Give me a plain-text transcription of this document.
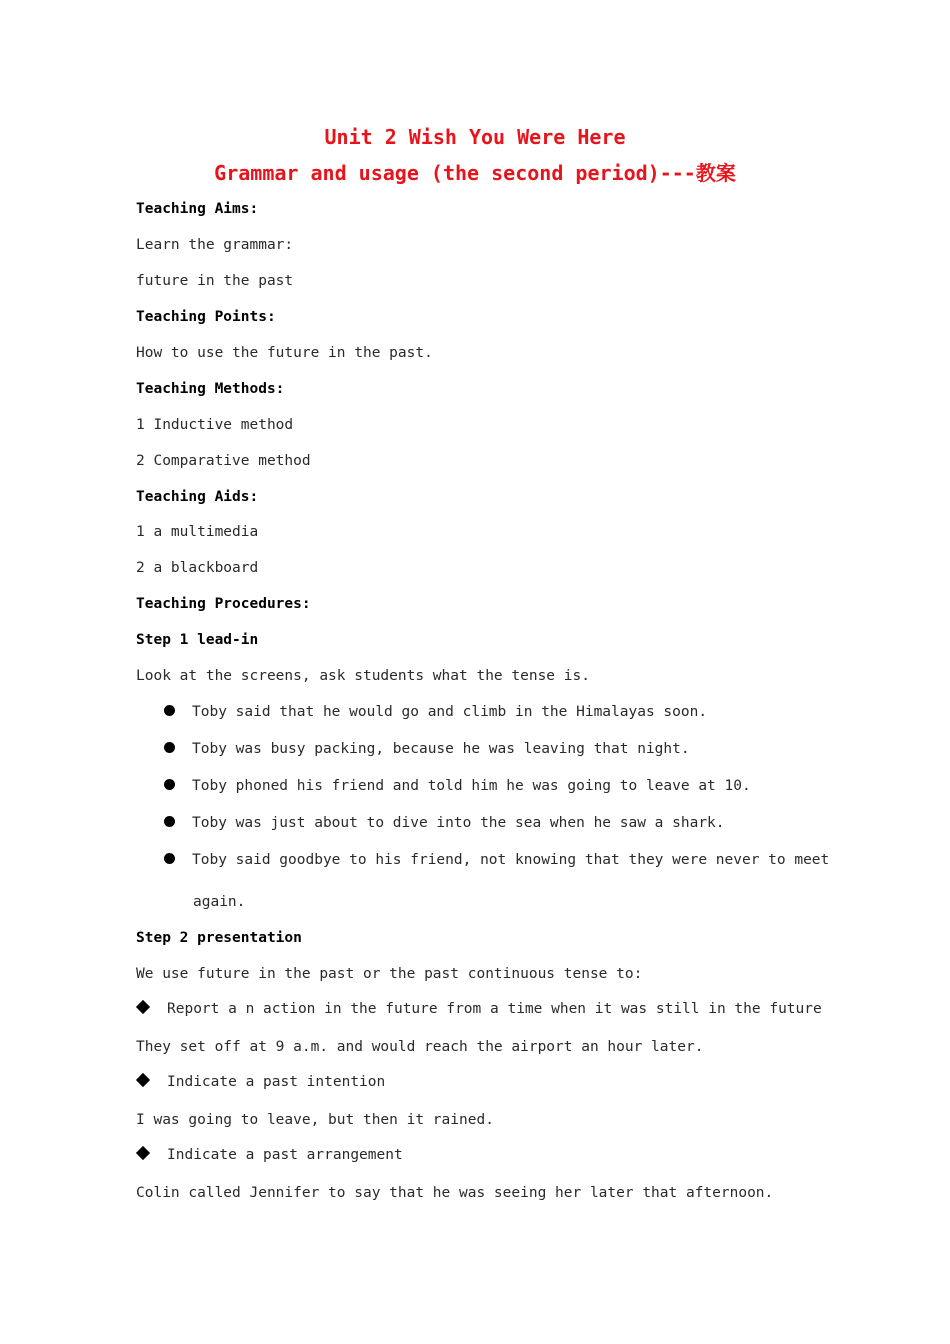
Unit 2 Wish You Were Here
Grammar and usage (the second period)---教案
Teaching Aims:
Learn the grammar:
future in the past
Teaching Points:
How to use the future in the past.
Teaching Methods:
1 Inductive method
2 Comparative method
Teaching Aids:
1 a multimedia
2 a blackboard
Teaching Procedures:
Step 1 lead-in
Look at the screens, ask students what the tense is.
Toby said that he would go and climb in the Himalayas soon.
Toby was busy packing, because he was leaving that night.
Toby phoned his friend and told him he was going to leave at 10.
Toby was just about to dive into the sea when he saw a shark.
Toby said goodbye to his friend, not knowing that they were never to meet
again.
Step 2 presentation
We use future in the past or the past continuous tense to:
Report a n action in the future from a time when it was still in the future
They set off at 9 a.m. and would reach the airport an hour later.
Indicate a past intention
I was going to leave, but then it rained.
Indicate a past arrangement
Colin called Jennifer to say that he was seeing her later that afternoon.
